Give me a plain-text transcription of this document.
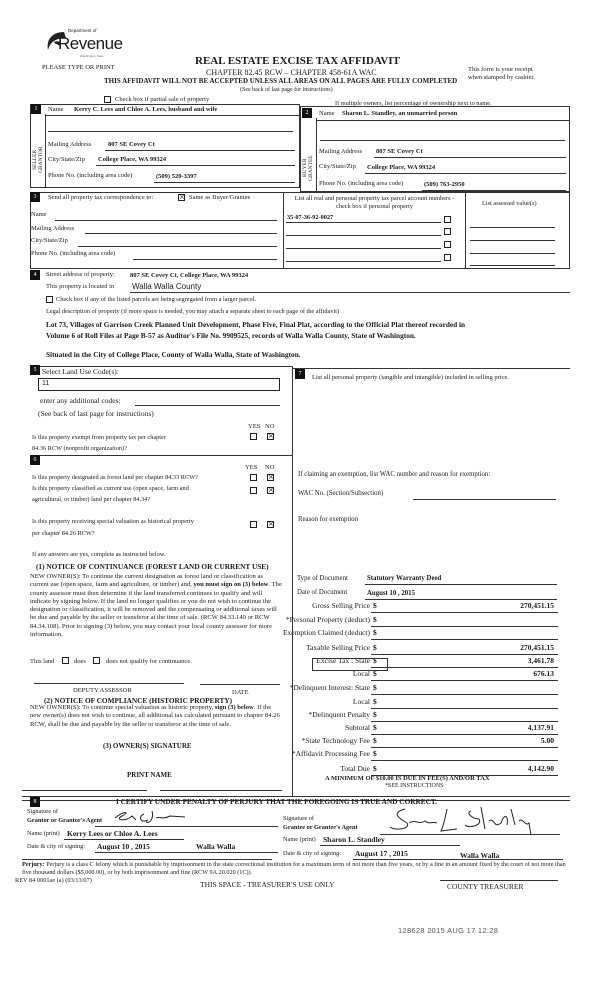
Department of
Revenue
Washington State
PLEASE TYPE OR PRINT
REAL ESTATE EXCISE TAX AFFIDAVIT
CHAPTER 82.45 RCW – CHAPTER 458-61A WAC
THIS AFFIDAVIT WILL NOT BE ACCEPTED UNLESS ALL AREAS ON ALL PAGES ARE FULLY COMPLETED
(See back of last page for instructions)
This form is your receipt
when stamped by cashier.
Check box if partial sale of property
If multiple owners, list percentage of ownership next to name.
1
SELLER GRANTOR
Name Kerry C. Lees and Chloe A. Lees, husband and wife
Mailing Address	807 SE Covey Ct
City/State/Zip College Place, WA 99324
Phone No. (including area code)	(509) 520-3397
2
BUYER GRANTEE
Name Sharon L. Standley, an unmarried person
Mailing Address 807 SE Covey Ct
City/State/Zip College Place, WA 99324
Phone No. (including area code)	(509) 763-2950
3	Send all property tax correspondence to:	× Same as Buyer/Grantee
Name
Mailing Address
City/State/Zip
Phone No. (including area code)
List all real and personal property tax parcel account numbers - check box if personal property	List assessed value(s)
35-07-36-92-0027
4	Street address of property: 807 SE Covey Ct, College Place, WA 99324
This property is located in Walla Walla County
Check box if any of the listed parcels are being segregated from a larger parcel.
Legal description of property (if more space is needed, you may attach a separate sheet to each page of the affidavit)
Lot 73, Villages of Garrison Creek Planned Unit Development, Phase Five, Final Plat, according to the Official Plat thereof recorded in
Volume 6 of Roll Files at Page B-57 as Auditor's File No. 9909525, records of Walla Walla County, State of Washington.
Situated in the City of College Place, County of Walla Walla, State of Washington.
5 Select Land Use Code(s):
11
enter any additional codes:
(See back of last page for instructions)
YES NO
Is this property exempt from property tax per chapter
84.36 RCW (nonprofit organization)?
×
6
YES NO
Is this property designated as forest land per chapter 84.33 RCW?	×
Is this property classified as current use (open space, farm and
agricultural, or timber) land per chapter 84.34?
×
Is this property receiving special valuation as historical property
per chapter 84.26 RCW?
×
If any answers are yes, complete as instructed below.
(1) NOTICE OF CONTINUANCE (FOREST LAND OR CURRENT USE)
NEW OWNER(S): To continue the current designation as forest land or classification as current use (open space, farm and agriculture, or timber) and, you must sign on (3) below. The county assessor must then determine if the land transferred continues to qualify and will indicate by signing below. If the land no longer qualifies or you do not wish to continue the designation or classification, it will be removed and the compensating or additional taxes will be due and payable by the seller or transferor at the time of sale. (RCW 84.33.140 or RCW 84.34.108). Prior to signing (3) below, you may contact your local county assessor for more information.
This land	does	does not qualify for continuance.
DEPUTY ASSESSOR	DATE
(2) NOTICE OF COMPLIANCE (HISTORIC PROPERTY)
NEW OWNER(S): To continue special valuation as historic property, sign (3) below. If the new owner(s) does not wish to continue, all additional tax calculated pursuant to chapter 84.26 RCW, shall be due and payable by the seller or transferor at the time of sale.
(3) OWNER(S) SIGNATURE
PRINT NAME
7	List all personal property (tangible and intangible) included in selling price.
If claiming an exemption, list WAC number and reason for exemption:
WAC No. (Section/Subsection)
Reason for exemption
Type of Document	Statutory Warranty Deed
Date of Document	August 10 , 2015
Gross Selling Price $	270,451.15
*Personal Property (deduct) $
Exemption Claimed (deduct) $
Taxable Selling Price $	270,451.15
Excise Tax : State $	3,461.78
Local $	676.13
*Delinquent Interest: State $
Local $
*Delinquent Penalty $
Subtotal $	4,137.91
*State Technology Fee $	5.00
*Affidavit Processing Fee $
Total Due $	4,142.90
A MINIMUM OF $10.00 IS DUE IN FEE(S) AND/OR TAX
*SEE INSTRUCTIONS
8	I CERTIFY UNDER PENALTY OF PERJURY THAT THE FOREGOING IS TRUE AND CORRECT.
Signature of
Grantor or Grantor's Agent
Name (print) Kerry Lees or Chloe A. Lees
Date & city of signing: August 10 , 2015	Walla Walla
Signature of
Grantee or Grantee's Agent
Name (print) Sharon L. Standley
Date & city of signing: August 17 , 2015	Walla Walla
Perjury: Perjury is a class C felony which is punishable by imprisonment in the state correctional institution for a maximum term of not more than five years, or by a fine in an amount fixed by the court of not more than five thousand dollars ($5,000.00), or by both imprisonment and fine (RCW 9A.20.020 (1C)).
REV 84 0001ae (a) (03/13/07)	THIS SPACE - TREASURER'S USE ONLY	COUNTY TREASURER
128628 2015 AUG 17 12:28
